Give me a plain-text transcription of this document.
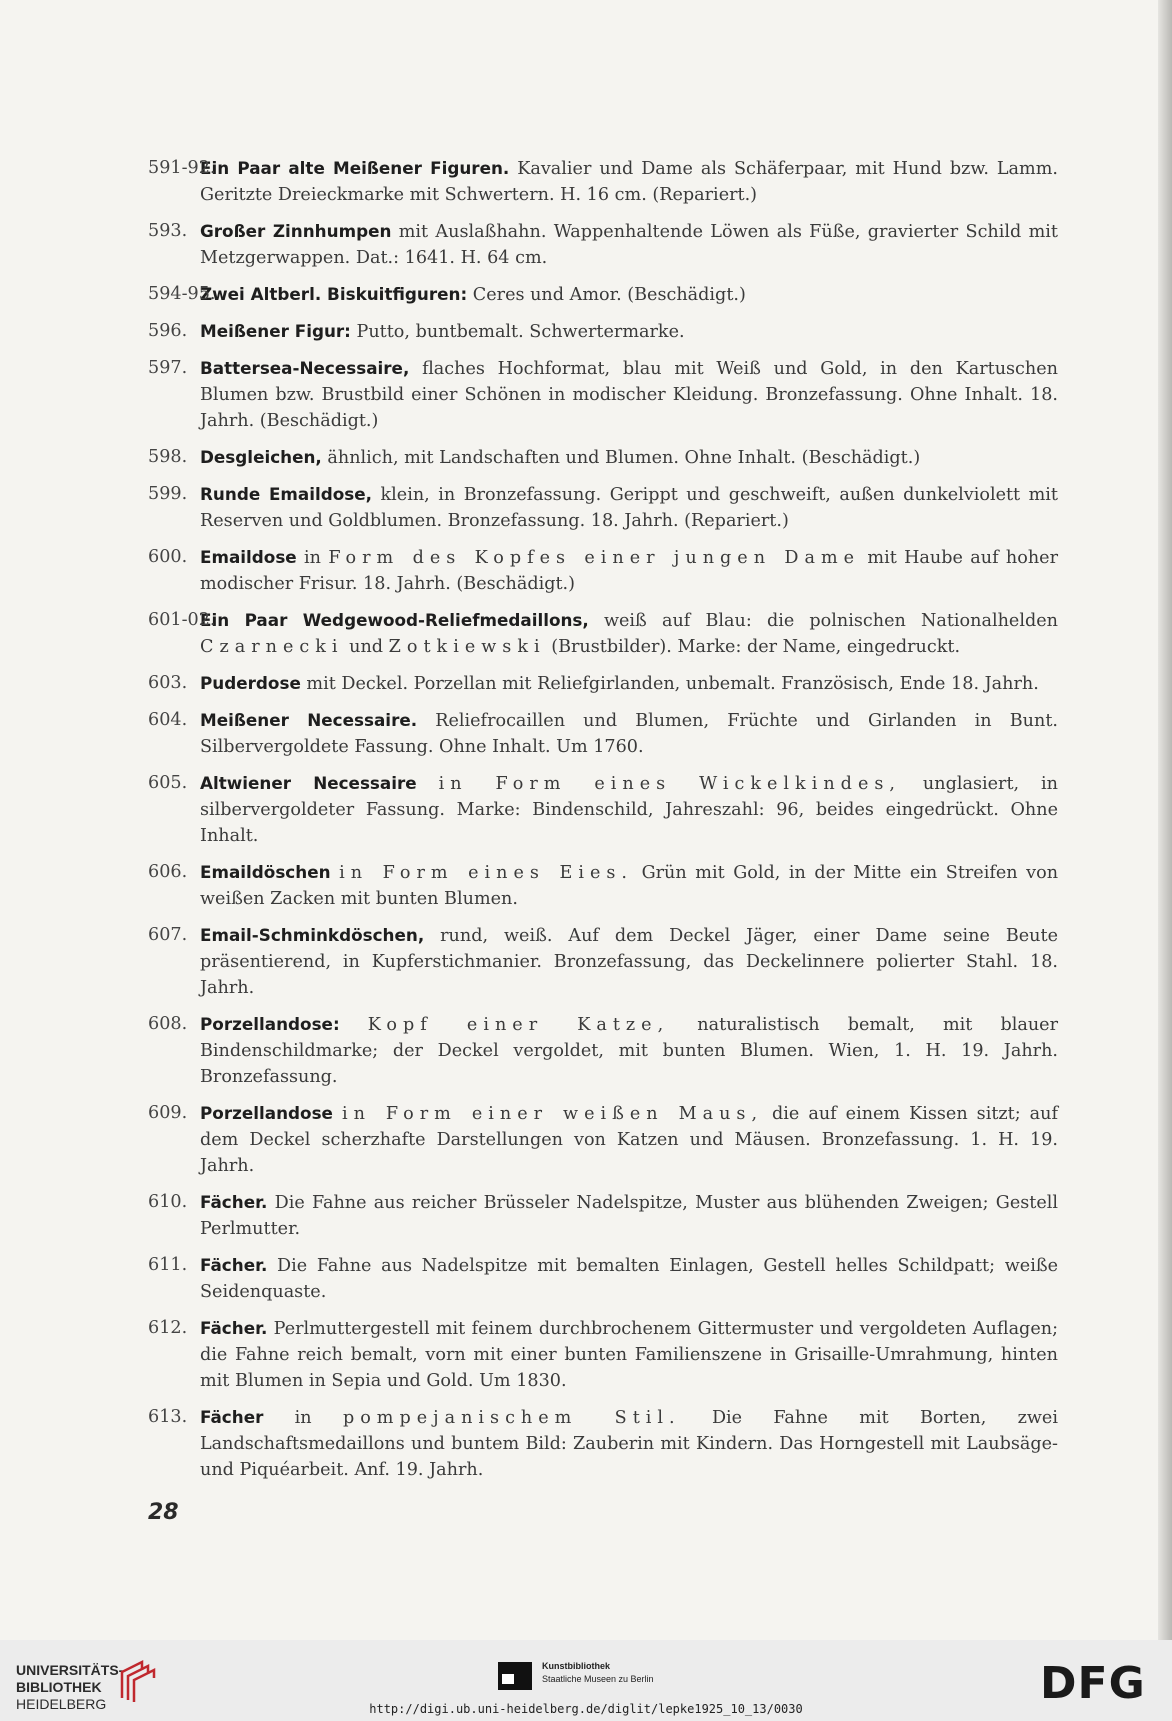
591-92.
Ein Paar alte Meißener Figuren. Kavalier und Dame als Schäferpaar, mit Hund bzw. Lamm. Geritzte Dreieckmarke mit Schwertern. H. 16 cm. (Repariert.)
593. Großer Zinnhumpen mit Auslaßhahn. Wappenhaltende Löwen als Füße, gravierter Schild mit Metzgerwappen. Dat.: 1641. H. 64 cm.
594-95.
Zwei Altberl. Biskuitfiguren: Ceres und Amor. (Beschädigt.)
596. Meißener Figur: Putto, buntbemalt. Schwertermarke.
597. Battersea-Necessaire, flaches Hochformat, blau mit Weiß und Gold, in den Kartuschen Blumen bzw. Brustbild einer Schönen in modischer Kleidung. Bronzefassung. Ohne Inhalt. 18. Jahrh. (Beschädigt.)
598. Desgleichen, ähnlich, mit Landschaften und Blumen. Ohne Inhalt. (Beschädigt.)
599. Runde Emaildose, klein, in Bronzefassung. Gerippt und geschweift, außen dunkelviolett mit Reserven und Goldblumen. Bronzefassung. 18. Jahrh. (Repariert.)
600. Emaildose in Form des Kopfes einer jungen Dame mit Haube auf hoher modischer Frisur. 18. Jahrh. (Beschädigt.)
601-02.
Ein Paar Wedgewood-Reliefmedaillons, weiß auf Blau: die polnischen Nationalhelden Czarnecki und Zotkiewski (Brustbilder). Marke: der Name, eingedruckt.
603. Puderdose mit Deckel. Porzellan mit Reliefgirlanden, unbemalt. Französisch, Ende 18. Jahrh.
604. Meißener Necessaire. Reliefrocaillen und Blumen, Früchte und Girlanden in Bunt. Silbervergoldete Fassung. Ohne Inhalt. Um 1760.
605. Altwiener Necessaire in Form eines Wickelkindes, unglasiert, in silbervergoldeter Fassung. Marke: Bindenschild, Jahreszahl: 96, beides eingedrückt. Ohne Inhalt.
606. Emaildöschen in Form eines Eies. Grün mit Gold, in der Mitte ein Streifen von weißen Zacken mit bunten Blumen.
607. Email-Schminkdöschen, rund, weiß. Auf dem Deckel Jäger, einer Dame seine Beute präsentierend, in Kupferstichmanier. Bronzefassung, das Deckelinnere polierter Stahl. 18. Jahrh.
608. Porzellandose: Kopf einer Katze, naturalistisch bemalt, mit blauer Bindenschildmarke; der Deckel vergoldet, mit bunten Blumen. Wien, 1. H. 19. Jahrh. Bronzefassung.
609. Porzellandose in Form einer weißen Maus, die auf einem Kissen sitzt; auf dem Deckel scherzhafte Darstellungen von Katzen und Mäusen. Bronzefassung. 1. H. 19. Jahrh.
610. Fächer. Die Fahne aus reicher Brüsseler Nadelspitze, Muster aus blühenden Zweigen; Gestell Perlmutter.
611. Fächer. Die Fahne aus Nadelspitze mit bemalten Einlagen, Gestell helles Schildpatt; weiße Seidenquaste.
612. Fächer. Perlmuttergestell mit feinem durchbrochenem Gittermuster und vergoldeten Auflagen; die Fahne reich bemalt, vorn mit einer bunten Familienszene in Grisaille-Umrahmung, hinten mit Blumen in Sepia und Gold. Um 1830.
613. Fächer in pompejanischem Stil. Die Fahne mit Borten, zwei Landschaftsmedaillons und buntem Bild: Zauberin mit Kindern. Das Horngestell mit Laubsäge- und Piquéarbeit. Anf. 19. Jahrh.
28
UNIVERSITÄTS-
BIBLIOTHEK
HEIDELBERG
Kunstbibliothek
Staatliche Museen zu Berlin	DFG
http://digi.ub.uni-heidelberg.de/diglit/lepke1925_10_13/0030
